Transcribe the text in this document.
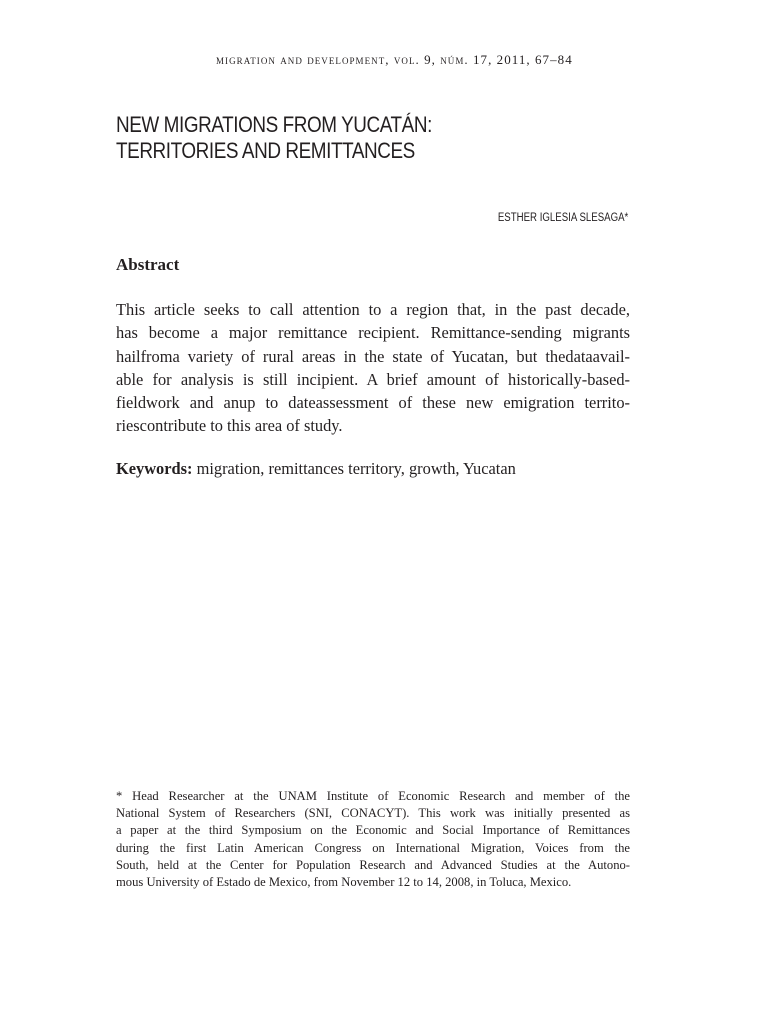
migration and development, vol. 9, núm. 17, 2011, 67–84
NEW MIGRATIONS FROM YUCATÁN:
TERRITORIES AND REMITTANCES
ESTHER IGLESIA SLESAGA*
Abstract
This article seeks to call attention to a region that, in the past decade,
has become a major remittance recipient. Remittance-sending migrants
hailfroma variety of rural areas in the state of Yucatan, but thedataavail-
able for analysis is still incipient. A brief amount of historically-based-
fieldwork and anup to dateassessment of these new emigration territo-
riescontribute to this area of study.
Keywords: migration, remittances territory, growth, Yucatan
* Head Researcher at the UNAM Institute of Economic Research and member of the
National System of Researchers (SNI, CONACYT). This work was initially presented as
a paper at the third Symposium on the Economic and Social Importance of Remittances
during the first Latin American Congress on International Migration, Voices from the
South, held at the Center for Population Research and Advanced Studies at the Autono-
mous University of Estado de Mexico, from November 12 to 14, 2008, in Toluca, Mexico.
